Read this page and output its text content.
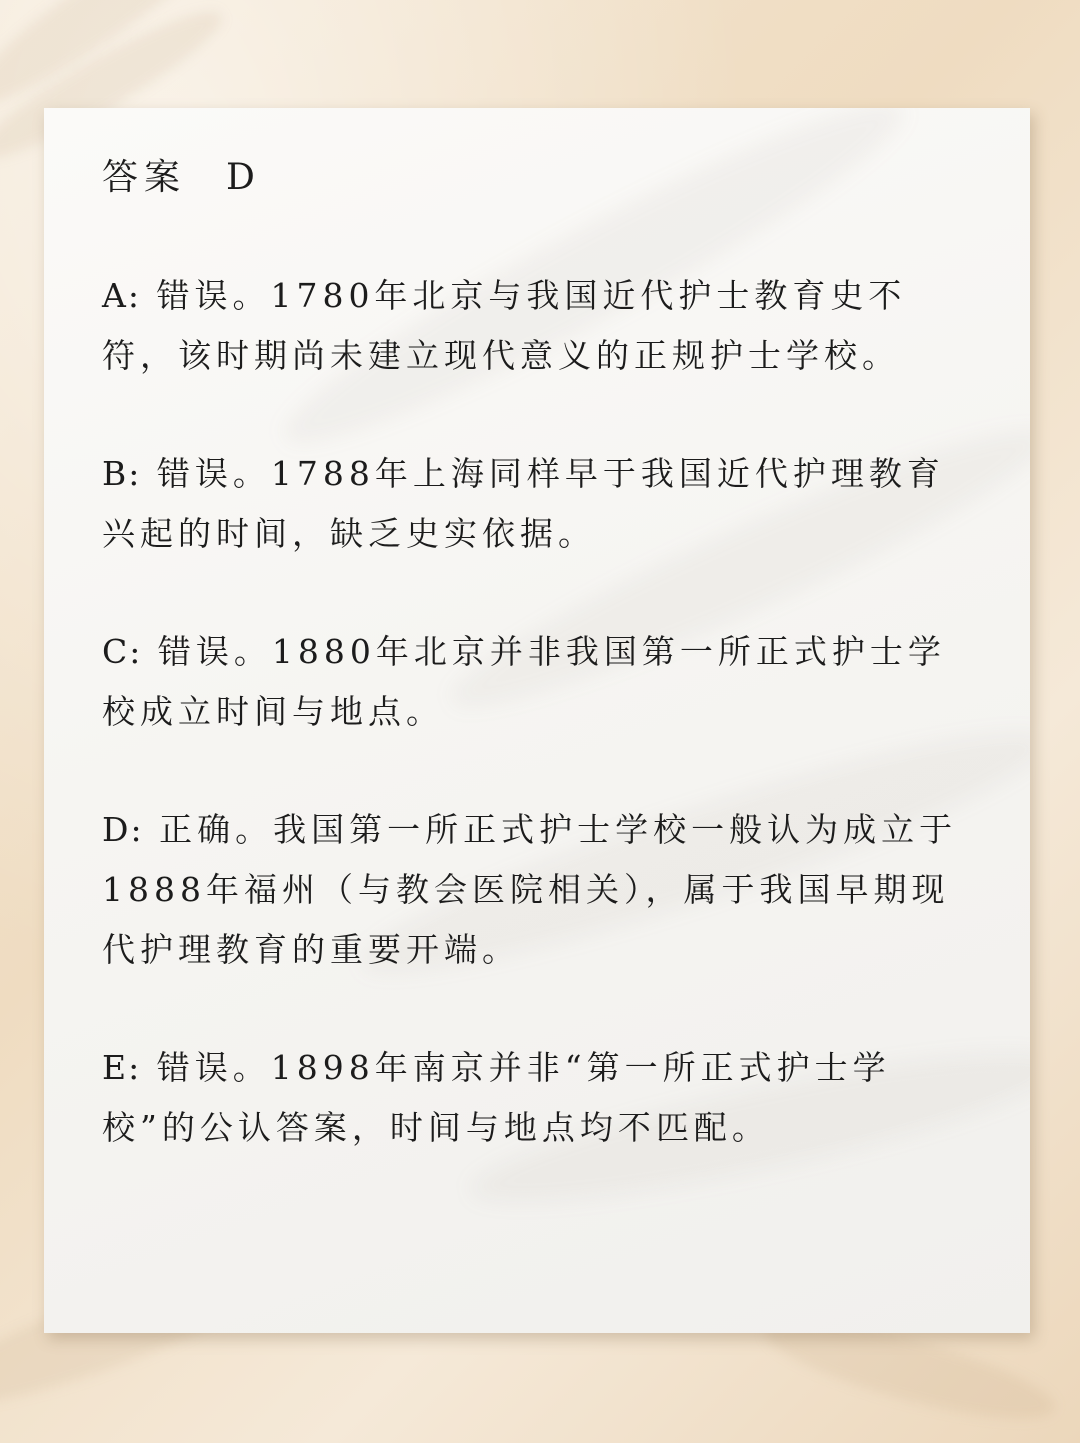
答案 D
A: 错误。1780年北京与我国近代护士教育史不符，该时期尚未建立现代意义的正规护士学校。
B: 错误。1788年上海同样早于我国近代护理教育兴起的时间，缺乏史实依据。
C: 错误。1880年北京并非我国第一所正式护士学校成立时间与地点。
D: 正确。我国第一所正式护士学校一般认为成立于1888年福州（与教会医院相关），属于我国早期现代护理教育的重要开端。
E: 错误。1898年南京并非“第一所正式护士学校”的公认答案，时间与地点均不匹配。
